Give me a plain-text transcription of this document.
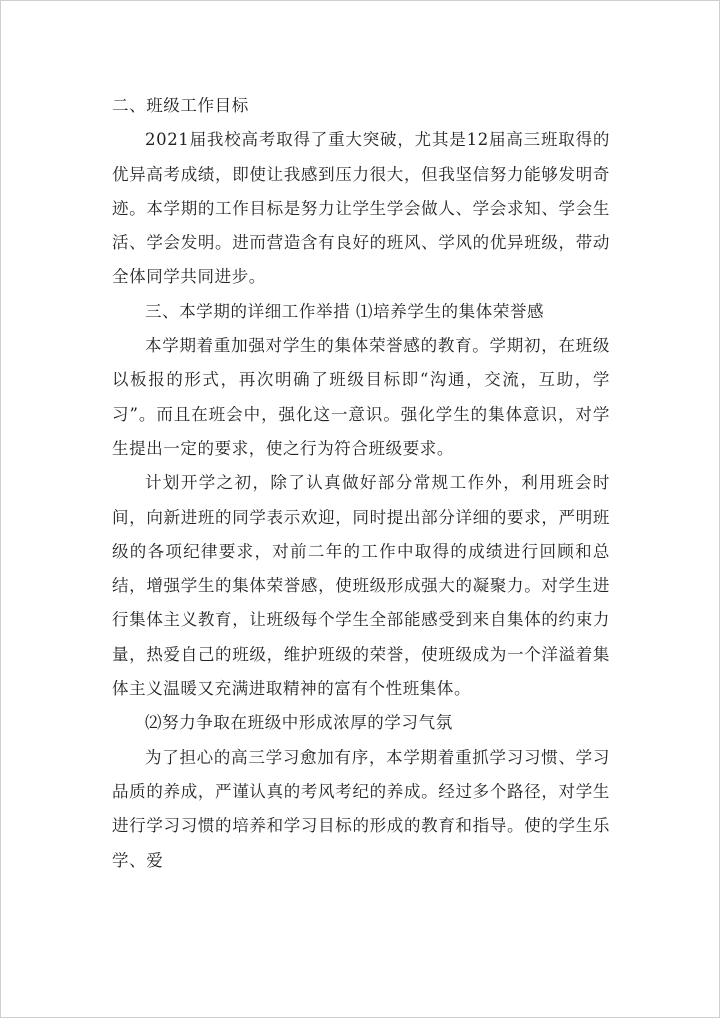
二、班级工作目标

2021届我校高考取得了重大突破，尤其是12届高三班取得的优异高考成绩，即使让我感到压力很大，但我坚信努力能够发明奇迹。本学期的工作目标是努力让学生学会做人、学会求知、学会生活、学会发明。进而营造含有良好的班风、学风的优异班级，带动全体同学共同进步。

三、本学期的详细工作举措 ⑴培养学生的集体荣誉感

本学期着重加强对学生的集体荣誉感的教育。学期初，在班级以板报的形式，再次明确了班级目标即“沟通，交流，互助，学习”。而且在班会中，强化这一意识。强化学生的集体意识，对学生提出一定的要求，使之行为符合班级要求。

计划开学之初，除了认真做好部分常规工作外，利用班会时间，向新进班的同学表示欢迎，同时提出部分详细的要求，严明班级的各项纪律要求，对前二年的工作中取得的成绩进行回顾和总结，增强学生的集体荣誉感，使班级形成强大的凝聚力。对学生进行集体主义教育，让班级每个学生全部能感受到来自集体的约束力量，热爱自己的班级，维护班级的荣誉，使班级成为一个洋溢着集体主义温暖又充满进取精神的富有个性班集体。

⑵努力争取在班级中形成浓厚的学习气氛

为了担心的高三学习愈加有序，本学期着重抓学习习惯、学习品质的养成，严谨认真的考风考纪的养成。经过多个路径，对学生进行学习习惯的培养和学习目标的形成的教育和指导。使的学生乐学、爱
